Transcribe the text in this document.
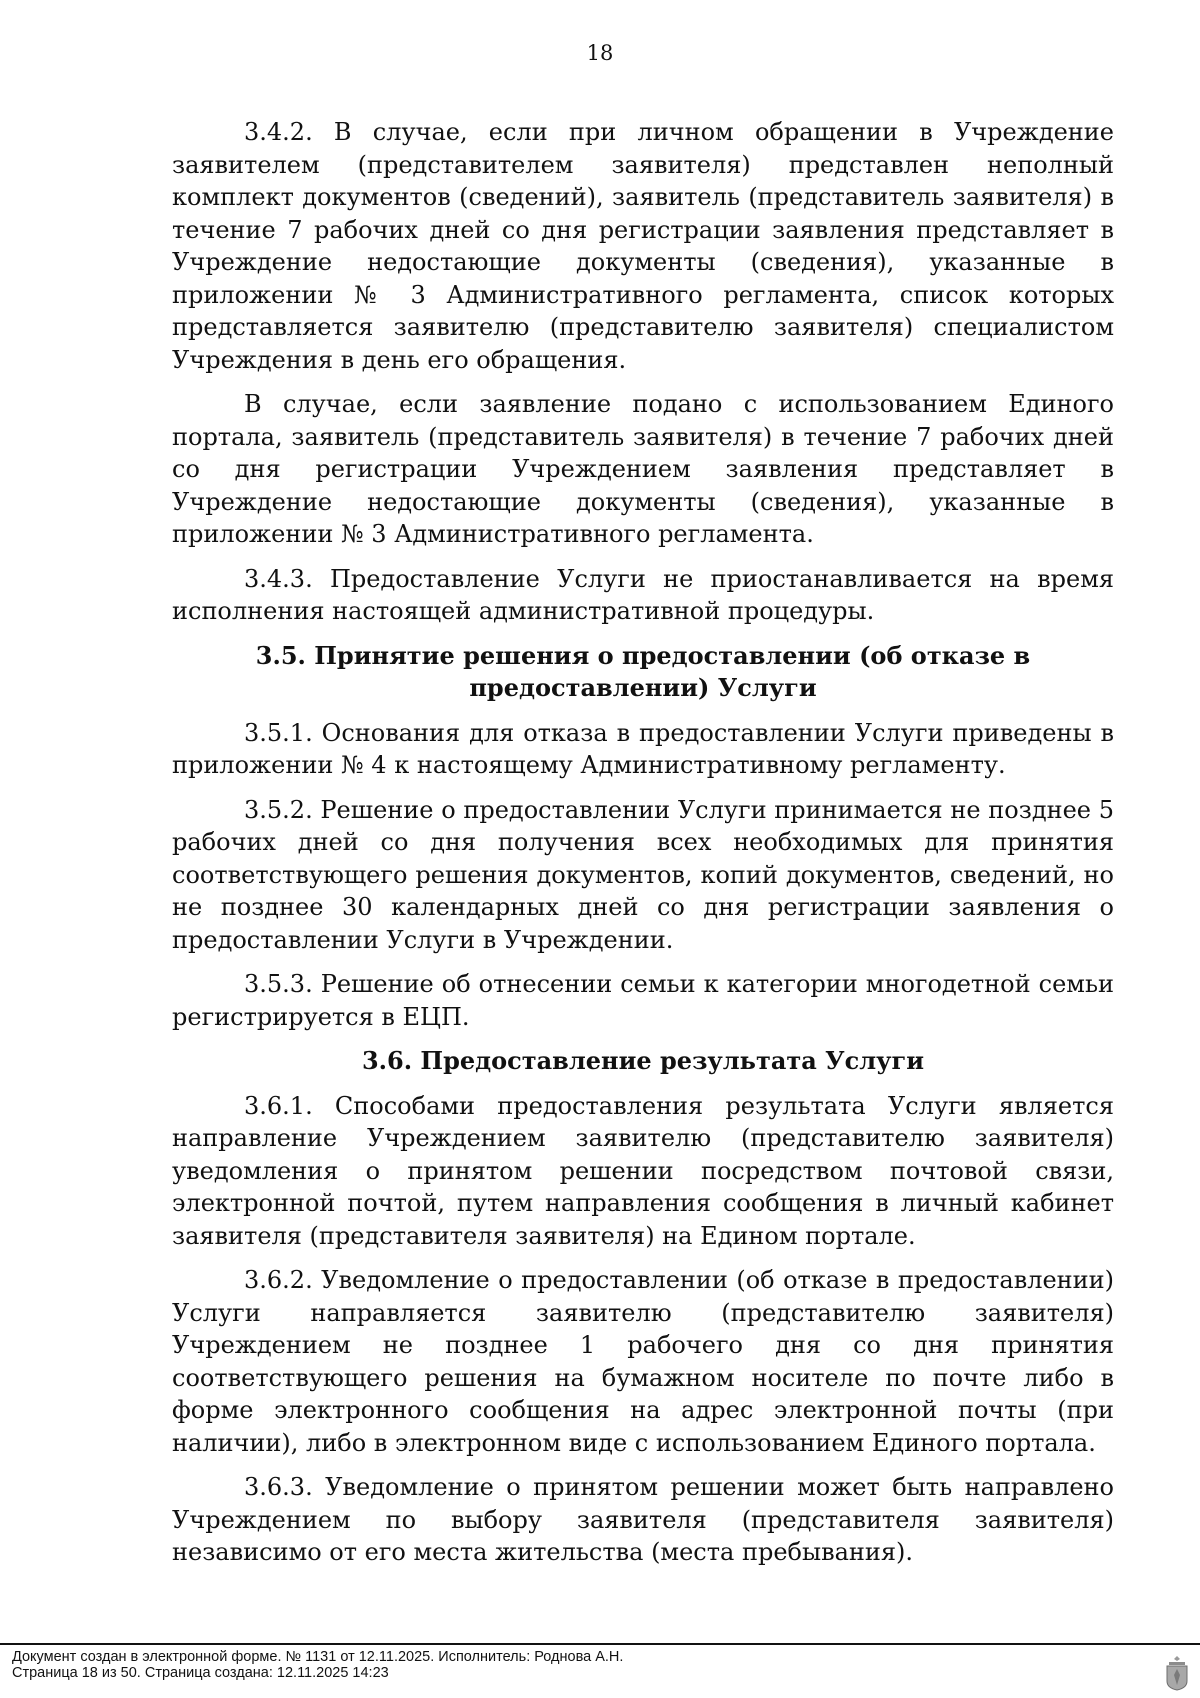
18

3.4.2. В случае, если при личном обращении в Учреждение заявителем (представителем заявителя) представлен неполный комплект документов (сведений), заявитель (представитель заявителя) в течение 7 рабочих дней со дня регистрации заявления представляет в Учреждение недостающие документы (сведения), указанные в приложении № 3 Административного регламента, список которых представляется заявителю (представителю заявителя) специалистом Учреждения в день его обращения.

В случае, если заявление подано с использованием Единого портала, заявитель (представитель заявителя) в течение 7 рабочих дней со дня регистрации Учреждением заявления представляет в Учреждение недостающие документы (сведения), указанные в приложении № 3 Административного регламента.

3.4.3. Предоставление Услуги не приостанавливается на время исполнения настоящей административной процедуры.

3.5. Принятие решения о предоставлении (об отказе в предоставлении) Услуги

3.5.1. Основания для отказа в предоставлении Услуги приведены в приложении № 4 к настоящему Административному регламенту.

3.5.2. Решение о предоставлении Услуги принимается не позднее 5 рабочих дней со дня получения всех необходимых для принятия соответствующего решения документов, копий документов, сведений, но не позднее 30 календарных дней со дня регистрации заявления о предоставлении Услуги в Учреждении.

3.5.3. Решение об отнесении семьи к категории многодетной семьи регистрируется в ЕЦП.

3.6. Предоставление результата Услуги

3.6.1. Способами предоставления результата Услуги является направление Учреждением заявителю (представителю заявителя) уведомления о принятом решении посредством почтовой связи, электронной почтой, путем направления сообщения в личный кабинет заявителя (представителя заявителя) на Едином портале.

3.6.2. Уведомление о предоставлении (об отказе в предоставлении) Услуги направляется заявителю (представителю заявителя) Учреждением не позднее 1 рабочего дня со дня принятия соответствующего решения на бумажном носителе по почте либо в форме электронного сообщения на адрес электронной почты (при наличии), либо в электронном виде с использованием Единого портала.

3.6.3. Уведомление о принятом решении может быть направлено Учреждением по выбору заявителя (представителя заявителя) независимо от его места жительства (места пребывания).

Документ создан в электронной форме. № 1131 от 12.11.2025. Исполнитель: Роднова А.Н.
Страница 18 из 50. Страница создана: 12.11.2025 14:23
